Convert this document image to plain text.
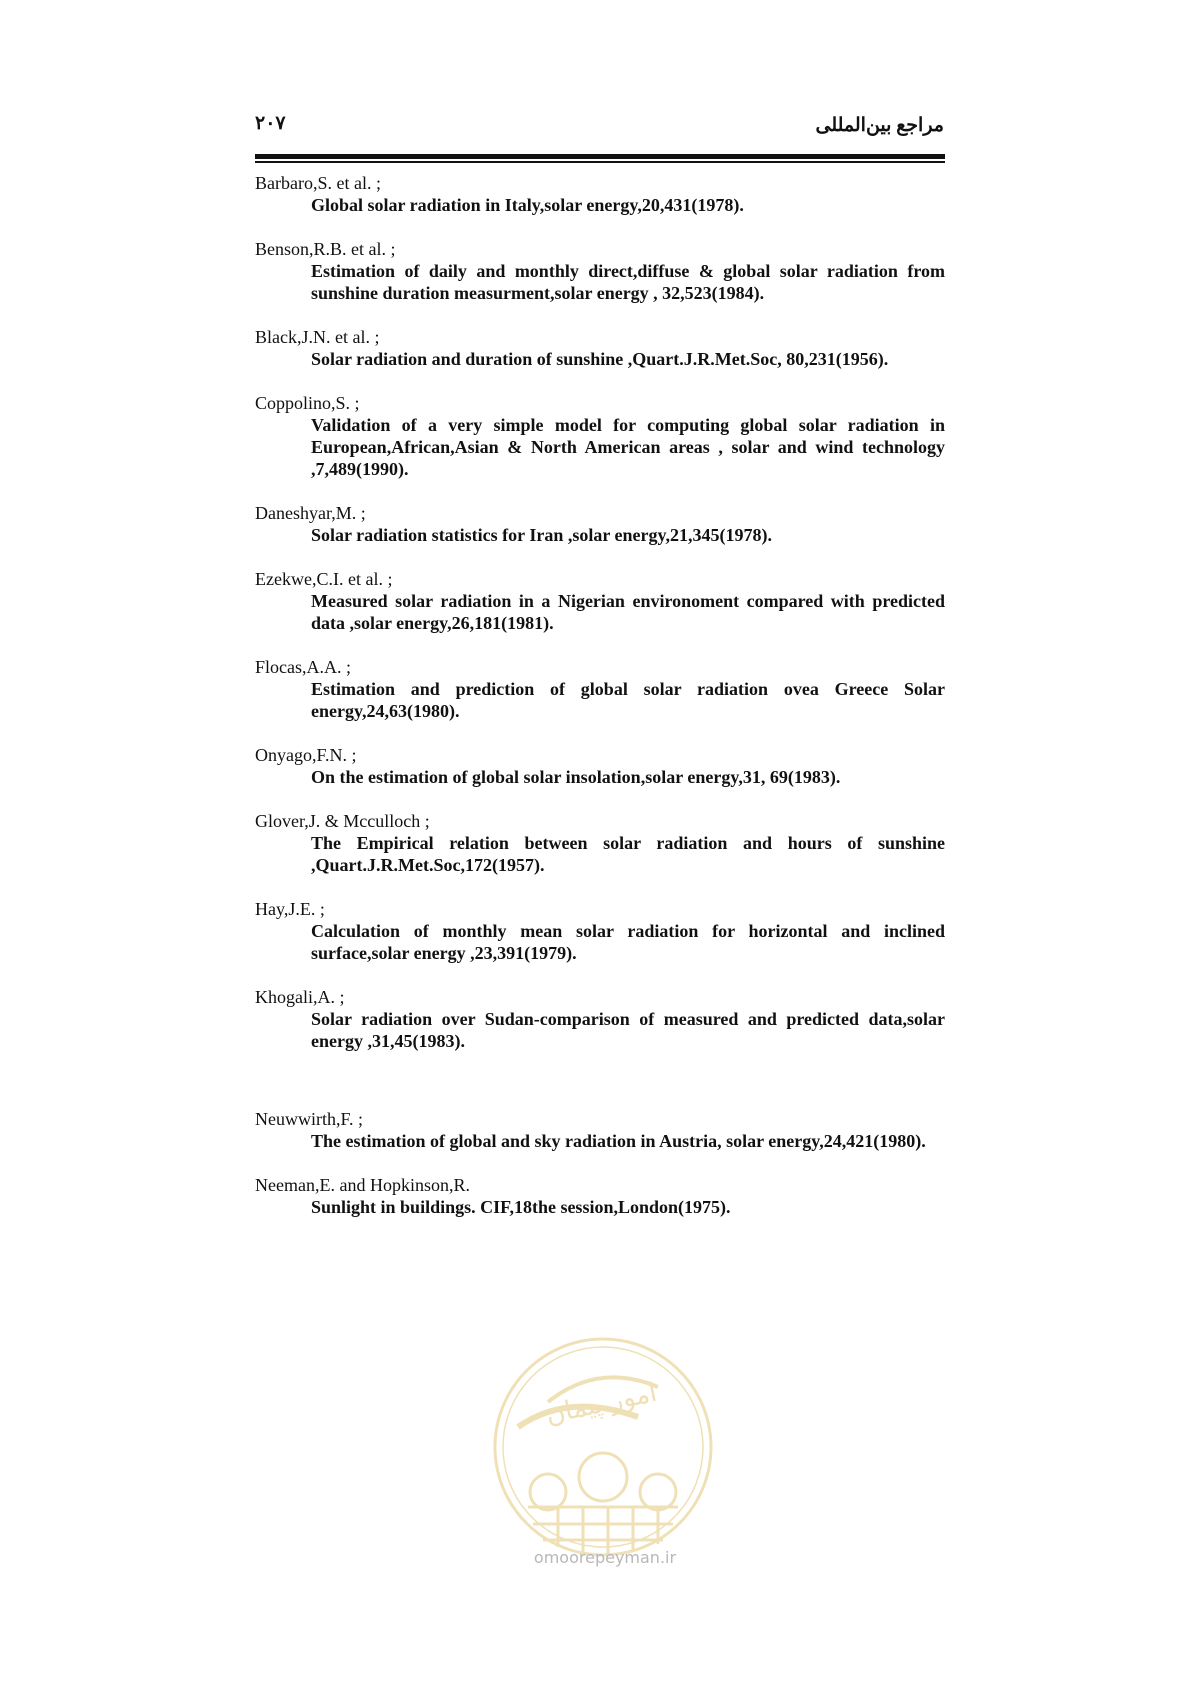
۲۰۷	مراجع بین‌المللی
Barbaro,S. et al. ;
Global solar radiation in Italy,solar energy,20,431(1978).
Benson,R.B. et al. ;
Estimation of daily and monthly direct,diffuse & global solar radiation from sunshine duration measurment,solar energy , 32,523(1984).
Black,J.N. et al. ;
Solar radiation and duration of sunshine ,Quart.J.R.Met.Soc, 80,231(1956).
Coppolino,S. ;
Validation of a very simple model for computing global solar radiation in European,African,Asian & North American areas , solar and wind technology ,7,489(1990).
Daneshyar,M. ;
Solar radiation statistics for Iran ,solar energy,21,345(1978).
Ezekwe,C.I. et al. ;
Measured solar radiation in a Nigerian environoment compared with predicted data ,solar energy,26,181(1981).
Flocas,A.A. ;
Estimation and prediction of global solar radiation ovea Greece Solar energy,24,63(1980).
Onyago,F.N. ;
On the estimation of global solar insolation,solar energy,31, 69(1983).
Glover,J. & Mcculloch ;
The Empirical relation between solar radiation and hours of sunshine ,Quart.J.R.Met.Soc,172(1957).
Hay,J.E. ;
Calculation of monthly mean solar radiation for horizontal and inclined surface,solar energy ,23,391(1979).
Khogali,A. ;
Solar radiation over Sudan-comparison of measured and predicted data,solar energy ,31,45(1983).
Neuwwirth,F. ;
The estimation of global and sky radiation in Austria, solar energy,24,421(1980).
Neeman,E. and Hopkinson,R.
Sunlight in buildings. CIF,18the session,London(1975).
امور پیمان
omoorepeyman.ir
